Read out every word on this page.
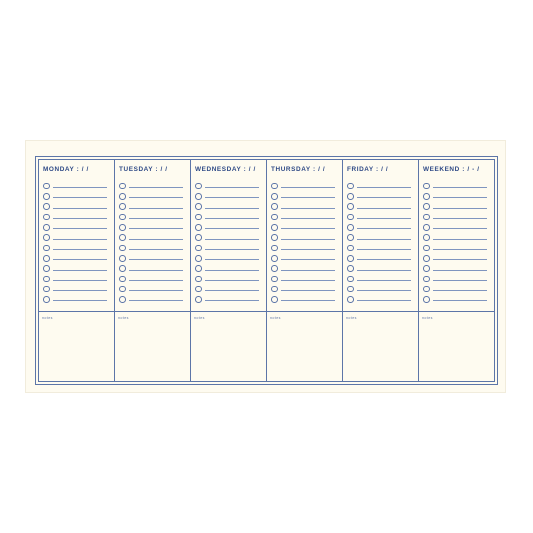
MONDAY : / /
notes
TUESDAY : / /
notes
WEDNESDAY : / /
notes
THURSDAY : / /
notes
FRIDAY : / /
notes
WEEKEND : / - /
notes
